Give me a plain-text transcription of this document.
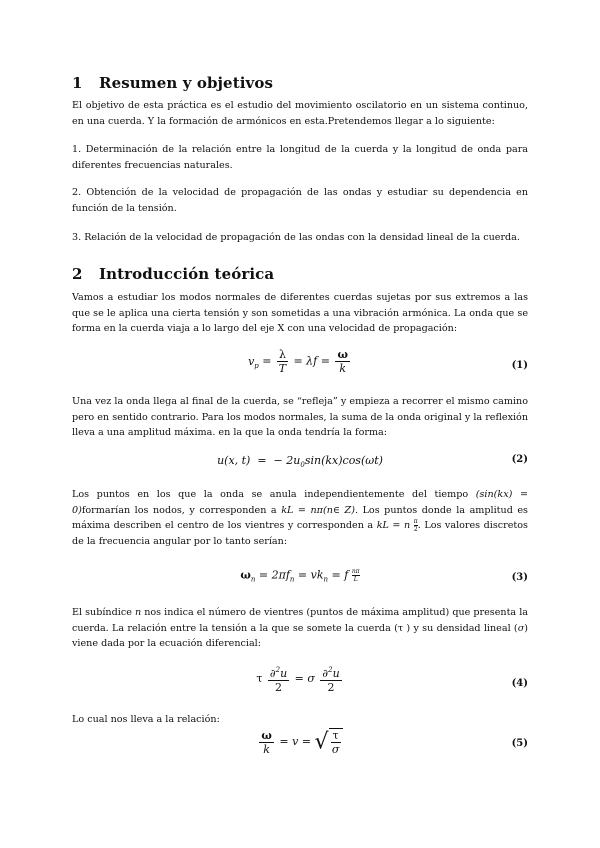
1 Resumen y objetivos

El objetivo de esta práctica es el estudio del movimiento oscilatorio en un sistema continuo, en una cuerda. Y la formación de armónicos en esta.Pretendemos llegar a lo siguiente:

1. Determinación de la relación entre la longitud de la cuerda y la longitud de onda para diferentes frecuencias naturales.

2. Obtención de la velocidad de propagación de las ondas y estudiar su dependencia en función de la tensión.

3. Relación de la velocidad de propagación de las ondas con la densidad lineal de la cuerda.

2 Introducción teórica

Vamos a estudiar los modos normales de diferentes cuerdas sujetas por sus extremos a las que se le aplica una cierta tensión y son sometidas a una vibración armónica. La onda que se forma en la cuerda viaja a lo largo del eje X con una velocidad de propagación:

$v_p = \frac{\lambda}{T} = \lambda f = \frac{\omega}{k}$	(1)

Una vez la onda llega al final de la cuerda, se “refleja” y empieza a recorrer el mismo camino pero en sentido contrario. Para los modos normales, la suma de la onda original y la reflexión lleva a una amplitud máxima. en la que la onda tendría la forma:

u(x, t)  =  − $2u_0\sin(kx)\cos(\omega t)$	(2)

Los puntos en los que la onda se anula independientemente del tiempo (sin(kx) = 0)formarían los nodos, y corresponden a kL = nπ(n∈ Z). Los puntos donde la amplitud es máxima describen el centro de los vientres y corresponden a kL = n $\frac{\pi}{2}$. Los valores discretos de la frecuencia angular por lo tanto serían:

$\omega_n = 2\pi f_n = vk_n = f \frac{n\pi}{L}$	(3)

El subíndice n nos indica el número de vientres (puntos de máxima amplitud) que presenta la cuerda. La relación entre la tensión a la que se somete la cuerda (τ ) y su densidad lineal (σ) viene dada por la ecuación diferencial:

τ $\frac{\partial^2u}{2} = \sigma \frac{\partial^2u}{2}$	(4)

Lo cual nos lleva a la relación:

$\frac{\omega}{k} = v$ = √ $\frac{\tau}{\sigma}$	(5)
